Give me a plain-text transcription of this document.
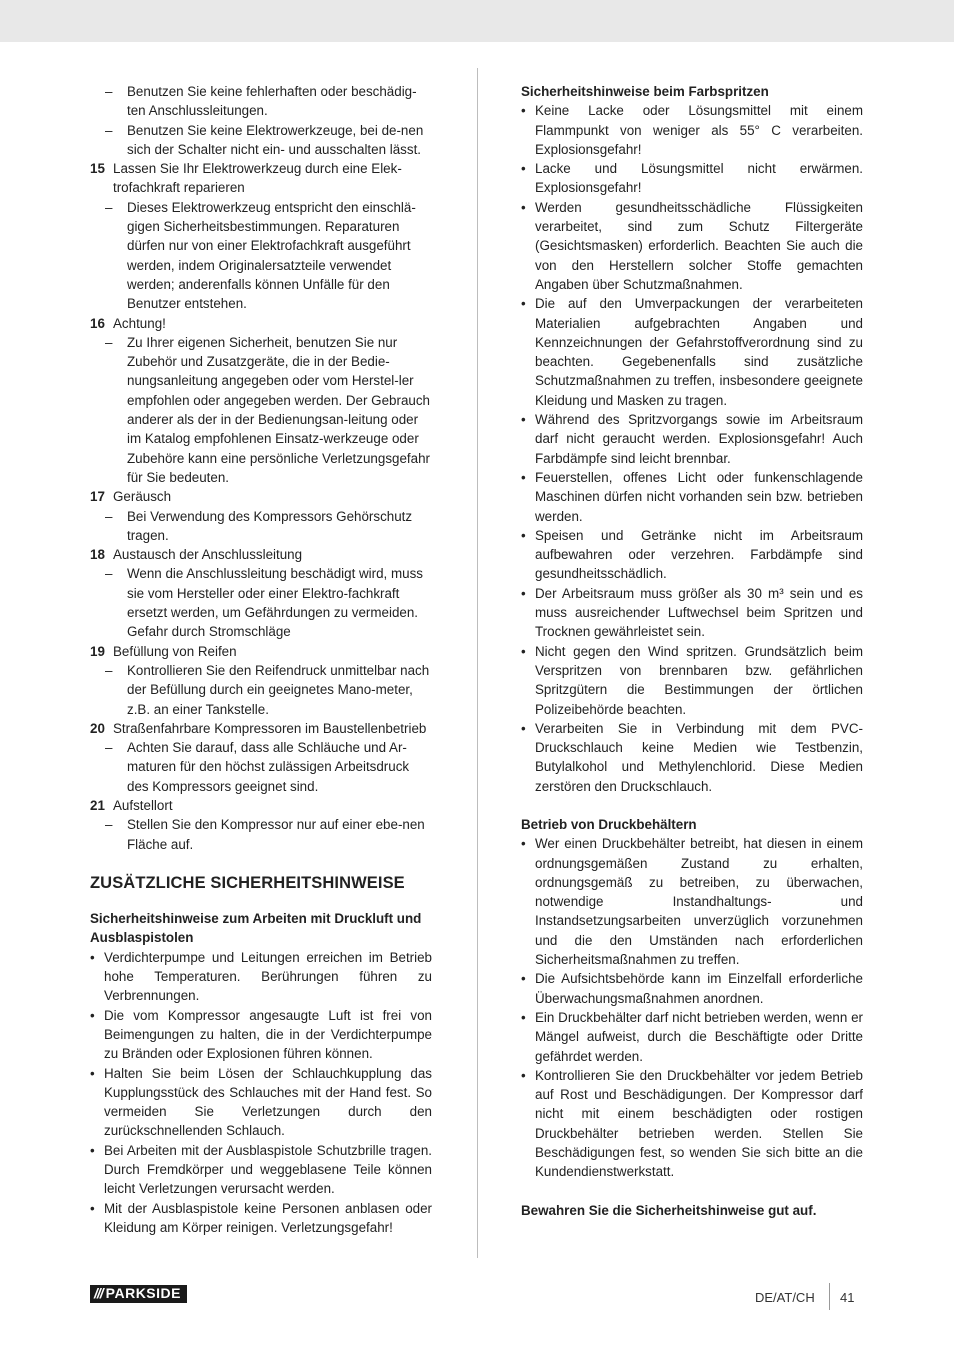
–	Benutzen Sie keine fehlerhaften oder beschädig-ten Anschlussleitungen.
–	Benutzen Sie keine Elektrowerkzeuge, bei de-nen sich der Schalter nicht ein- und ausschalten lässt.
15 Lassen Sie Ihr Elektrowerkzeug durch eine Elek-trofachkraft reparieren
–	Dieses Elektrowerkzeug entspricht den einschlä-gigen Sicherheitsbestimmungen. Reparaturen dürfen nur von einer Elektrofachkraft ausgeführt werden, indem Originalersatzteile verwendet werden; anderenfalls können Unfälle für den Benutzer entstehen.
16 Achtung!
–	Zu Ihrer eigenen Sicherheit, benutzen Sie nur Zubehör und Zusatzgeräte, die in der Bedie-nungsanleitung angegeben oder vom Herstel-ler empfohlen oder angegeben werden. Der Gebrauch anderer als der in der Bedienungsan-leitung oder im Katalog empfohlenen Einsatz-werkzeuge oder Zubehöre kann eine persönliche Verletzungsgefahr für Sie bedeuten.
17 Geräusch
–	Bei Verwendung des Kompressors Gehörschutz tragen.
18 Austausch der Anschlussleitung
–	Wenn die Anschlussleitung beschädigt wird, muss sie vom Hersteller oder einer Elektro-fachkraft ersetzt werden, um Gefährdungen zu vermeiden. Gefahr durch Stromschläge
19 Befüllung von Reifen
–	Kontrollieren Sie den Reifendruck unmittelbar nach der Befüllung durch ein geeignetes Mano-meter, z.B. an einer Tankstelle.
20 Straßenfahrbare Kompressoren im Baustellenbetrieb
–	Achten Sie darauf, dass alle Schläuche und Ar-maturen für den höchst zulässigen Arbeitsdruck des Kompressors geeignet sind.
21 Aufstellort
–	Stellen Sie den Kompressor nur auf einer ebe-nen Fläche auf.
ZUSÄTZLICHE SICHERHEITSHINWEISE
Sicherheitshinweise zum Arbeiten mit Druckluft und Ausblaspistolen
• Verdichterpumpe und Leitungen erreichen im Betrieb hohe Temperaturen. Berührungen führen zu Verbrennungen.
• Die vom Kompressor angesaugte Luft ist frei von Beimengungen zu halten, die in der Verdichterpumpe zu Bränden oder Explosionen führen können.
• Halten Sie beim Lösen der Schlauchkupplung das Kupplungsstück des Schlauches mit der Hand fest. So vermeiden Sie Verletzungen durch den zurückschnellenden Schlauch.
• Bei Arbeiten mit der Ausblaspistole Schutzbrille tragen. Durch Fremdkörper und weggeblasene Teile können leicht Verletzungen verursacht werden.
• Mit der Ausblaspistole keine Personen anblasen oder Kleidung am Körper reinigen. Verletzungsgefahr!
Sicherheitshinweise beim Farbspritzen
• Keine Lacke oder Lösungsmittel mit einem Flammpunkt von weniger als 55° C verarbeiten. Explosionsgefahr!
• Lacke und Lösungsmittel nicht erwärmen. Explosionsgefahr!
• Werden gesundheitsschädliche Flüssigkeiten verarbeitet, sind zum Schutz Filtergeräte (Gesichtsmasken) erforderlich. Beachten Sie auch die von den Herstellern solcher Stoffe gemachten Angaben über Schutzmaßnahmen.
• Die auf den Umverpackungen der verarbeiteten Materialien aufgebrachten Angaben und Kennzeichnungen der Gefahrstoffverordnung sind zu beachten. Gegebenenfalls sind zusätzliche Schutzmaßnahmen zu treffen, insbesondere geeignete Kleidung und Masken zu tragen.
• Während des Spritzvorgangs sowie im Arbeitsraum darf nicht geraucht werden. Explosionsgefahr! Auch Farbdämpfe sind leicht brennbar.
• Feuerstellen, offenes Licht oder funkenschlagende Maschinen dürfen nicht vorhanden sein bzw. betrieben werden.
• Speisen und Getränke nicht im Arbeitsraum aufbewahren oder verzehren. Farbdämpfe sind gesundheitsschädlich.
• Der Arbeitsraum muss größer als 30 m³ sein und es muss ausreichender Luftwechsel beim Spritzen und Trocknen gewährleistet sein.
• Nicht gegen den Wind spritzen. Grundsätzlich beim Verspritzen von brennbaren bzw. gefährlichen Spritzgütern die Bestimmungen der örtlichen Polizeibehörde beachten.
• Verarbeiten Sie in Verbindung mit dem PVC-Druckschlauch keine Medien wie Testbenzin, Butylalkohol und Methylenchlorid. Diese Medien zerstören den Druckschlauch.
Betrieb von Druckbehältern
• Wer einen Druckbehälter betreibt, hat diesen in einem ordnungsgemäßen Zustand zu erhalten, ordnungsgemäß zu betreiben, zu überwachen, notwendige Instandhaltungs- und Instandsetzungsarbeiten unverzüglich vorzunehmen und die den Umständen nach erforderlichen Sicherheitsmaßnahmen zu treffen.
• Die Aufsichtsbehörde kann im Einzelfall erforderliche Überwachungsmaßnahmen anordnen.
• Ein Druckbehälter darf nicht betrieben werden, wenn er Mängel aufweist, durch die Beschäftigte oder Dritte gefährdet werden.
• Kontrollieren Sie den Druckbehälter vor jedem Betrieb auf Rost und Beschädigungen. Der Kompressor darf nicht mit einem beschädigten oder rostigen Druckbehälter betrieben werden. Stellen Sie Beschädigungen fest, so wenden Sie sich bitte an die Kundendienstwerkstatt.
Bewahren Sie die Sicherheitshinweise gut auf.
/// PARKSIDE	DE/AT/CH 41
